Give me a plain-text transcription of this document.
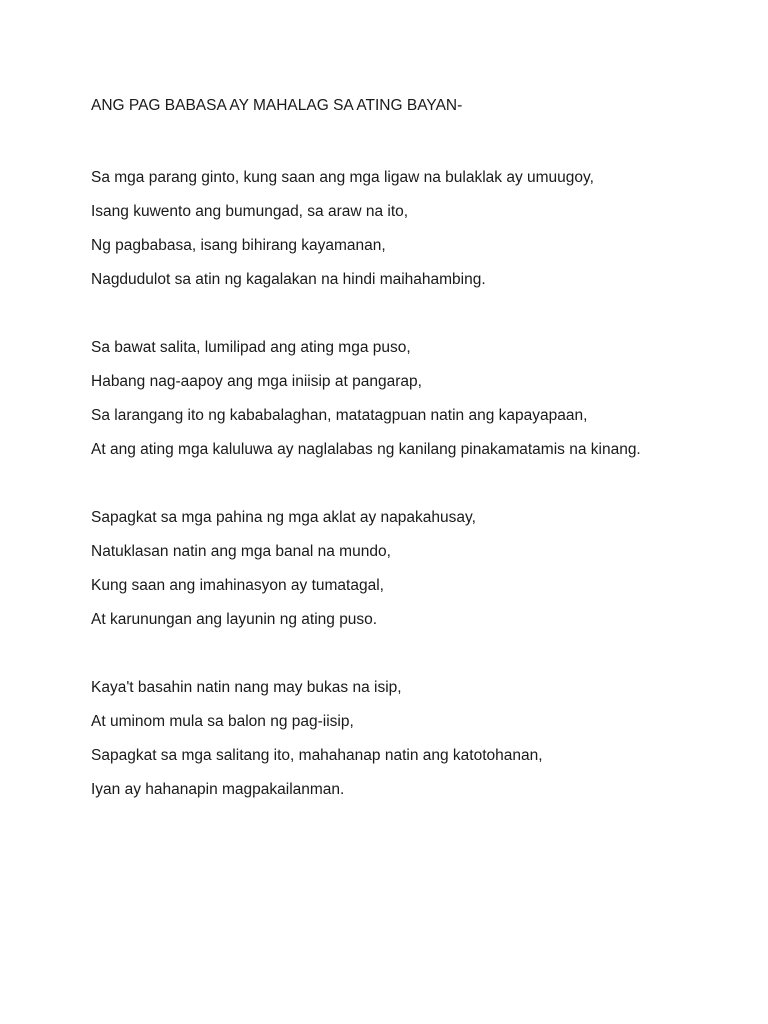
ANG PAG BABASA AY MAHALAG SA ATING BAYAN-

Sa mga parang ginto, kung saan ang mga ligaw na bulaklak ay umuugoy,
Isang kuwento ang bumungad, sa araw na ito,
Ng pagbabasa, isang bihirang kayamanan,
Nagdudulot sa atin ng kagalakan na hindi maihahambing.
Sa bawat salita, lumilipad ang ating mga puso,
Habang nag-aapoy ang mga iniisip at pangarap,
Sa larangang ito ng kababalaghan, matatagpuan natin ang kapayapaan,
At ang ating mga kaluluwa ay naglalabas ng kanilang pinakamatamis na kinang.
Sapagkat sa mga pahina ng mga aklat ay napakahusay,
Natuklasan natin ang mga banal na mundo,
Kung saan ang imahinasyon ay tumatagal,
At karunungan ang layunin ng ating puso.
Kaya't basahin natin nang may bukas na isip,
At uminom mula sa balon ng pag-iisip,
Sapagkat sa mga salitang ito, mahahanap natin ang katotohanan,
Iyan ay hahanapin magpakailanman.
